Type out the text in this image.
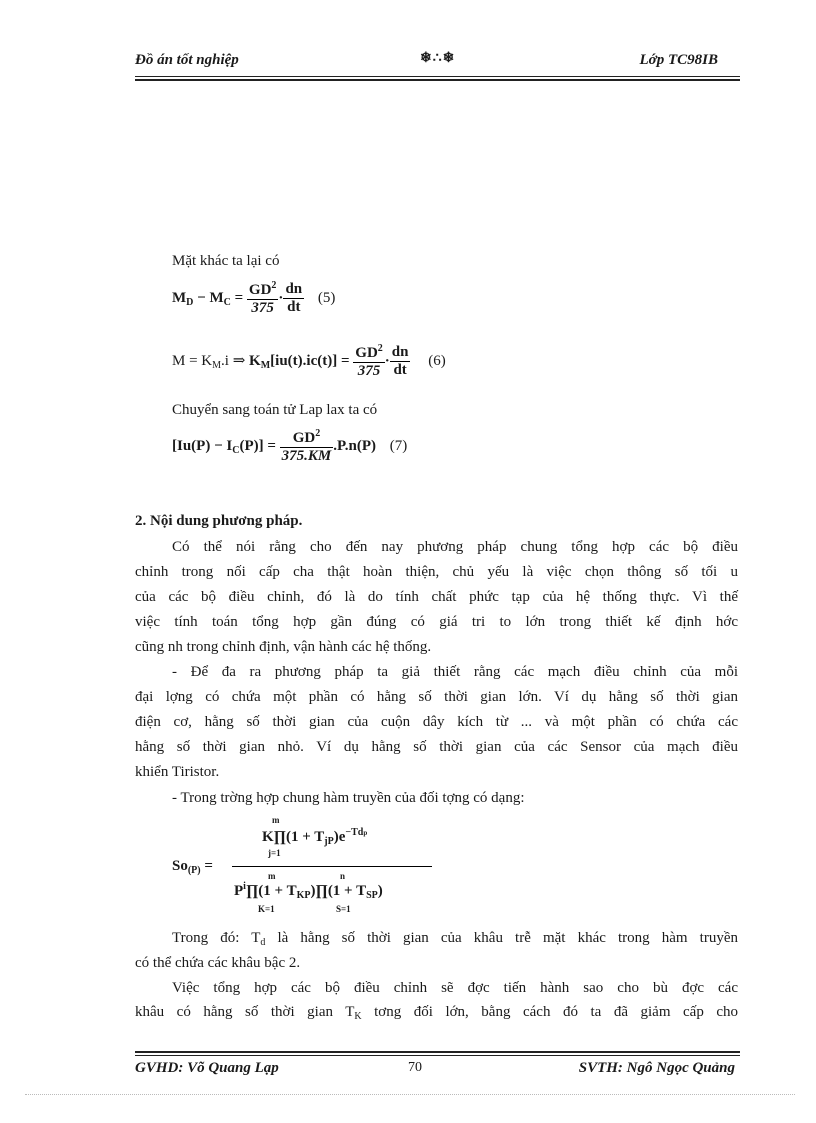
Đồ án tốt nghiệp	❄∴❄	Lớp TC98IB
Mặt khác ta lại có
$M_D - M_C = \frac{GD^2}{375} \cdot \frac{dn}{dt} (5)$
$M = K_M.i$ ⇒ $K_M[iu(t).ic(t)] = \frac{GD^2}{375} \cdot \frac{dn}{dt} (6)$
Chuyển sang toán tử Lap lax ta có
$[Iu(P) - I_C(P)] = \frac{GD^2}{375.KM} .P.n(P)$ (7)
2. Nội dung phương pháp.
Có thể nói rằng cho đến nay phương pháp chung tổng hợp các bộ điều
chỉnh trong nối cấp cha thật hoàn thiện, chủ yếu là việc chọn thông số tối u
của các bộ điều chỉnh, đó là do tính chất phức tạp của hệ thống thực. Vì thế
việc tính toán tổng hợp gần đúng có giá tri to lớn trong thiết kế định hớc
cũng nh trong chỉnh định, vận hành các hệ thống.
- Để đa ra phương pháp ta giả thiết rằng các mạch điều chỉnh của mỗi
đại lợng có chứa một phần có hằng số thời gian lớn. Ví dụ hằng số thời gian
điện cơ, hằng số thời gian của cuộn dây kích từ ... và một phần có chứa các
hằng số thời gian nhỏ. Ví dụ hằng số thời gian của các Sensor của mạch điều
khiển Tiristor.
- Trong trờng hợp chung hàm truyền của đối tợng có dạng:
$So_{(P)}$ =
m
K∏(1 + $T_{jP})e^{-Tdp}$
j=1
m	n
$P^i\prod(1$ + $T_{KP})\prod(1 + T_{SP})$
K=1	S=1
Trong đó: $T_d$ là hằng số thời gian của khâu trễ mặt khác trong hàm truyền
có thể chứa các khâu bậc 2.
Việc tổng hợp các bộ điều chỉnh sẽ đợc tiến hành sao cho bù đợc các
khâu có hằng số thời gian $T_K$ tơng đối lớn, bằng cách đó ta đã giảm cấp cho
GVHD: Võ Quang Lạp	70	SVTH: Ngô Ngọc Quảng
